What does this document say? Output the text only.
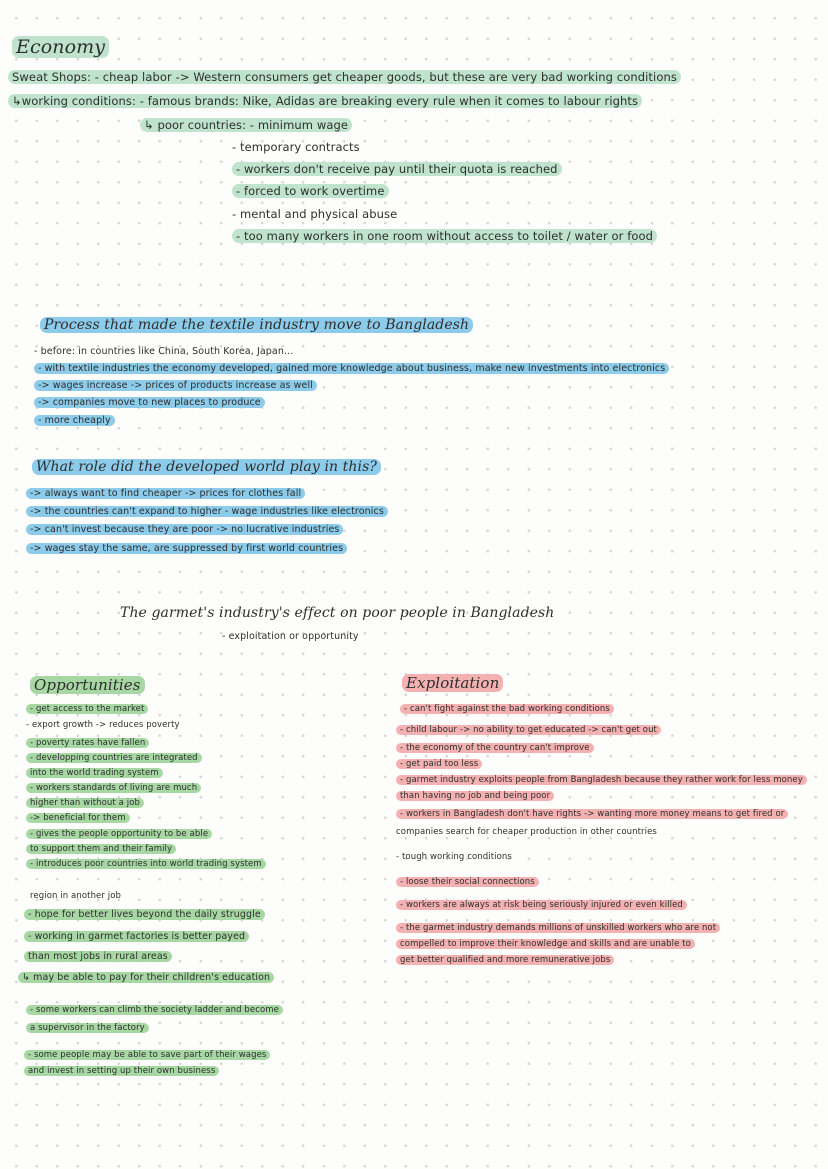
Economy
Sweat Shops: - cheap labor -> Western consumers get cheaper goods, but these are very bad working conditions
↳working conditions: - famous brands: Nike, Adidas are breaking every rule when it comes to labour rights
↳ poor countries: - minimum wage
- temporary contracts
- workers don't receive pay until their quota is reached
- forced to work overtime
- mental and physical abuse
- too many workers in one room without access to toilet / water or food
Process that made the textile industry move to Bangladesh
- before: in countries like China, South Korea, Japan...
- with textile industries the economy developed, gained more knowledge about business, make new investments into electronics
-> wages increase -> prices of products increase as well
-> companies move to new places to produce
- more cheaply
What role did the developed world play in this?
-> always want to find cheaper -> prices for clothes fall
-> the countries can't expand to higher - wage industries like electronics
-> can't invest because they are poor -> no lucrative industries
-> wages stay the same, are suppressed by first world countries
The garmet's industry's effect on poor people in Bangladesh
- exploitation or opportunity
Opportunities
- get access to the market
- export growth -> reduces poverty
- poverty rates have fallen
- developping countries are integrated
into the world trading system
- workers standards of living are much
higher than without a job
-> beneficial for them
- gives the people opportunity to be able
to support them and their family
- introduces poor countries into world trading system
region in another job
- hope for better lives beyond the daily struggle
- working in garmet factories is better payed
than most jobs in rural areas
↳ may be able to pay for their children's education
- some workers can climb the society ladder and become
a supervisor in the factory
- some people may be able to save part of their wages
and invest in setting up their own business
Exploitation
- can't fight against the bad working conditions
- child labour -> no ability to get educated -> can't get out
- the economy of the country can't improve
- get paid too less
- garmet industry exploits people from Bangladesh because they rather work for less money
than having no job and being poor
- workers in Bangladesh don't have rights -> wanting more money means to get fired or
companies search for cheaper production in other countries
- tough working conditions
- loose their social connections
- workers are always at risk being seriously injured or even killed
- the garmet industry demands millions of unskilled workers who are not
compelled to improve their knowledge and skills and are unable to
get better qualified and more remunerative jobs
